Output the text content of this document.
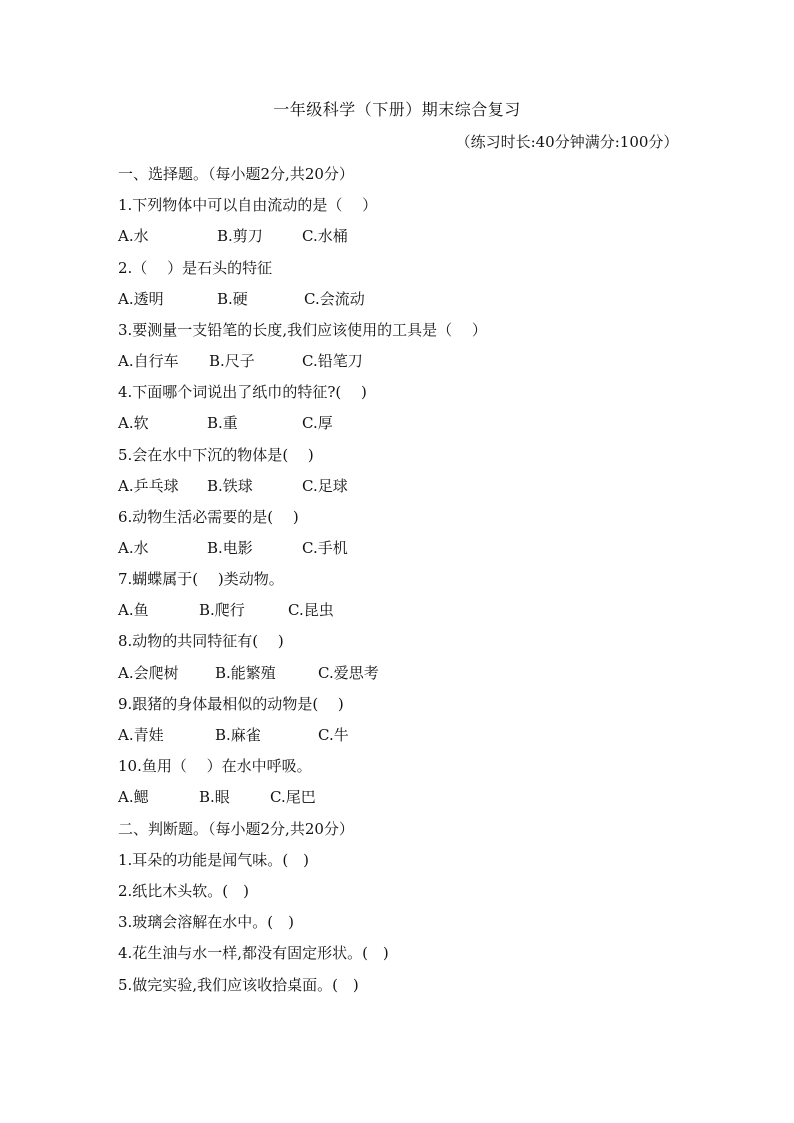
一年级科学（下册）期末综合复习
（练习时长:40分钟满分:100分）
一、选择题。（每小题2分,共20分）
1.下列物体中可以自由流动的是（　 ）
A.水	B.剪刀	C.水桶
2.（　 ）是石头的特征
A.透明	B.硬	C.会流动
3.要测量一支铅笔的长度,我们应该使用的工具是（　 ）
A.自行车 B.尺子	C.铅笔刀
4.下面哪个词说出了纸巾的特征?(　 )
A.软	B.重	C.厚
5.会在水中下沉的物体是(　 )
A.乒乓球 B.铁球	C.足球
6.动物生活必需要的是(　 )
A.水	B.电影	C.手机
7.蝴蝶属于(　 )类动物。
A.鱼	B.爬行	C.昆虫
8.动物的共同特征有(　 )
A.会爬树 B.能繁殖	C.爱思考
9.跟猪的身体最相似的动物是(　 )
A.青娃	B.麻雀	C.牛
10.鱼用（　 ）在水中呼吸。
A.鳃	B.眼	C.尾巴
二、判断题。（每小题2分,共20分）
1.耳朵的功能是闻气味。(　)
2.纸比木头软。(　)
3.玻璃会溶解在水中。(　)
4.花生油与水一样,都没有固定形状。(　)
5.做完实验,我们应该收拾桌面。(　)
